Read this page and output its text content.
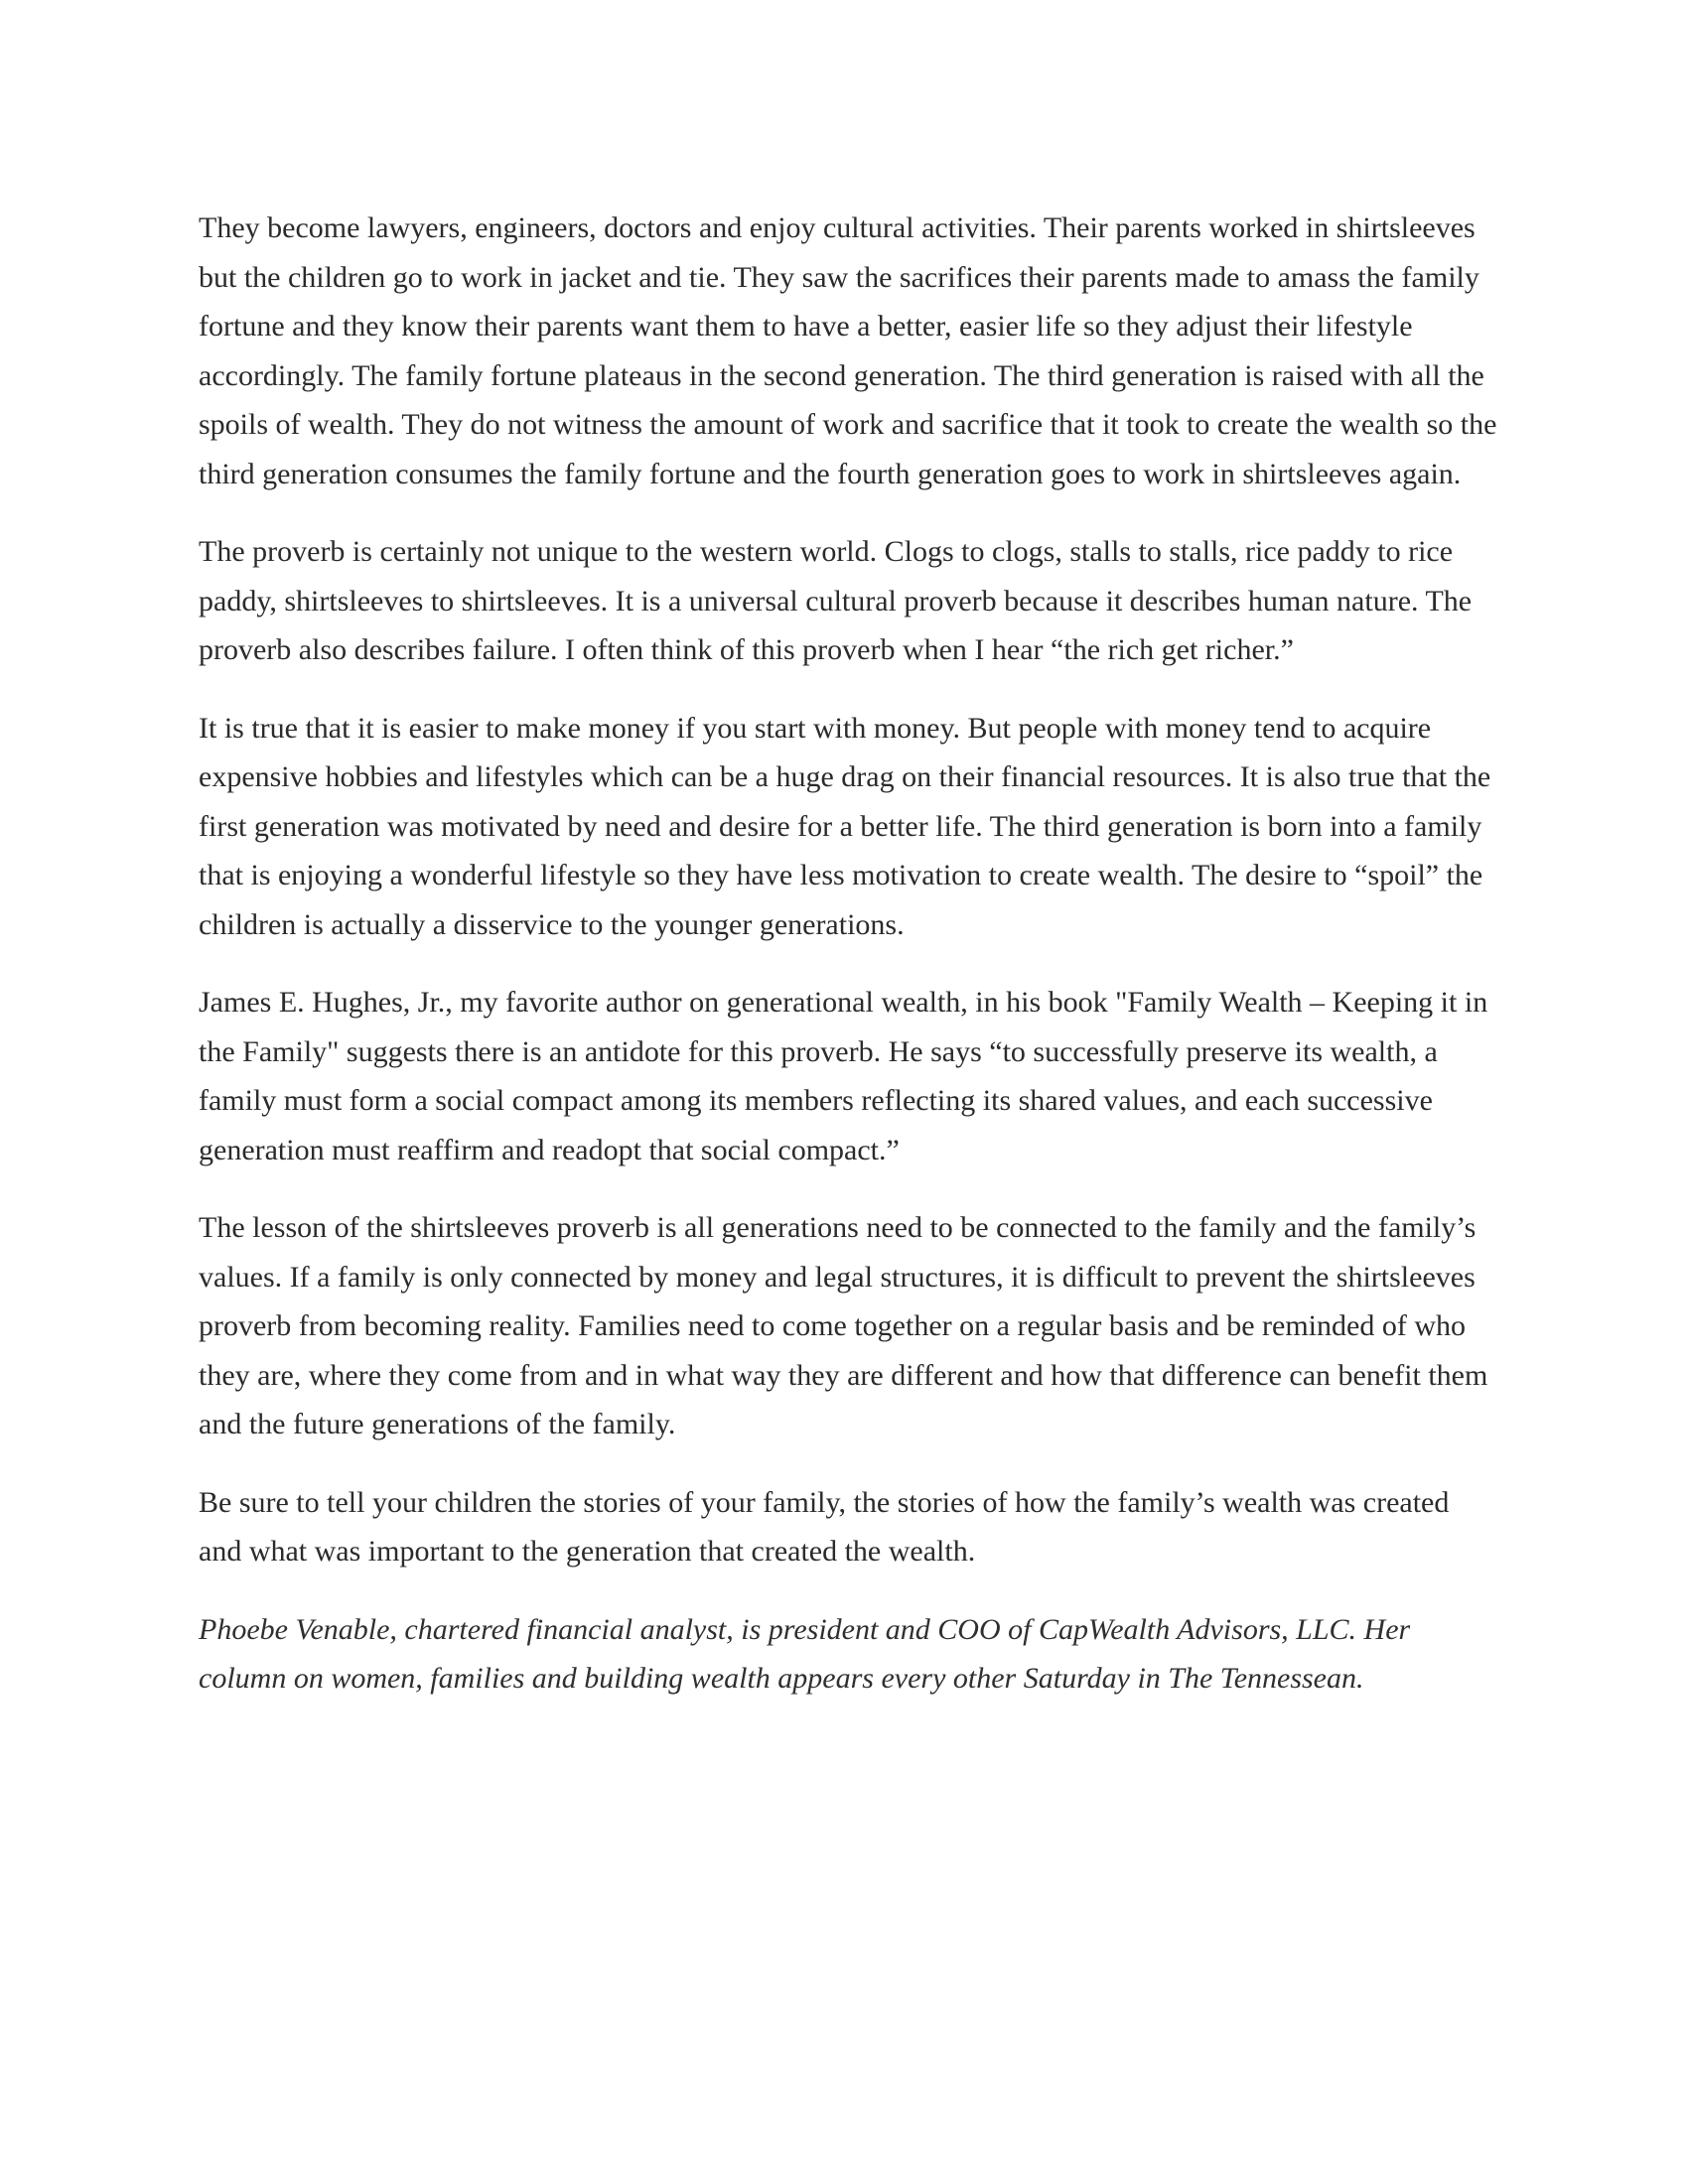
They become lawyers, engineers, doctors and enjoy cultural activities. Their parents worked in shirtsleeves but the children go to work in jacket and tie. They saw the sacrifices their parents made to amass the family fortune and they know their parents want them to have a better, easier life so they adjust their lifestyle accordingly. The family fortune plateaus in the second generation. The third generation is raised with all the spoils of wealth. They do not witness the amount of work and sacrifice that it took to create the wealth so the third generation consumes the family fortune and the fourth generation goes to work in shirtsleeves again.

The proverb is certainly not unique to the western world. Clogs to clogs, stalls to stalls, rice paddy to rice paddy, shirtsleeves to shirtsleeves. It is a universal cultural proverb because it describes human nature. The proverb also describes failure. I often think of this proverb when I hear “the rich get richer.”

It is true that it is easier to make money if you start with money. But people with money tend to acquire expensive hobbies and lifestyles which can be a huge drag on their financial resources. It is also true that the first generation was motivated by need and desire for a better life. The third generation is born into a family that is enjoying a wonderful lifestyle so they have less motivation to create wealth. The desire to “spoil” the children is actually a disservice to the younger generations.

James E. Hughes, Jr., my favorite author on generational wealth, in his book "Family Wealth – Keeping it in the Family" suggests there is an antidote for this proverb. He says “to successfully preserve its wealth, a family must form a social compact among its members reflecting its shared values, and each successive generation must reaffirm and readopt that social compact.”

The lesson of the shirtsleeves proverb is all generations need to be connected to the family and the family’s values. If a family is only connected by money and legal structures, it is difficult to prevent the shirtsleeves proverb from becoming reality. Families need to come together on a regular basis and be reminded of who they are, where they come from and in what way they are different and how that difference can benefit them and the future generations of the family.

Be sure to tell your children the stories of your family, the stories of how the family’s wealth was created and what was important to the generation that created the wealth.

Phoebe Venable, chartered financial analyst, is president and COO of CapWealth Advisors, LLC. Her column on women, families and building wealth appears every other Saturday in The Tennessean.
